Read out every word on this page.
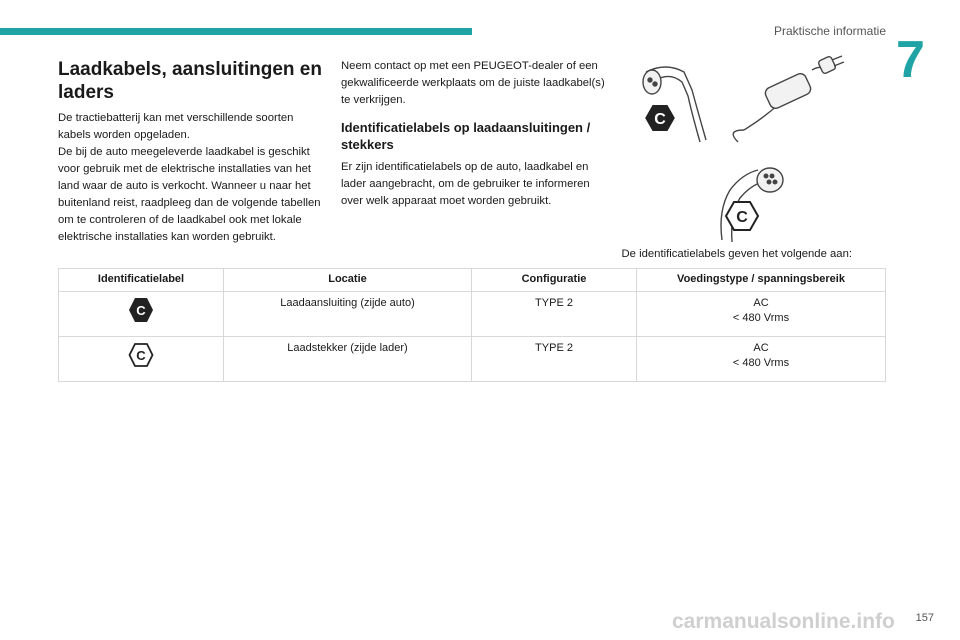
Praktische informatie 7
Laadkabels, aansluitingen en laders

De tractiebatterij kan met verschillende soorten kabels worden opgeladen.

De bij de auto meegeleverde laadkabel is geschikt voor gebruik met de elektrische installaties van het land waar de auto is verkocht. Wanneer u naar het buitenland reist, raadpleeg dan de volgende tabellen om te controleren of de laadkabel ook met lokale elektrische installaties kan worden gebruikt.

Neem contact op met een PEUGEOT-dealer of een gekwalificeerde werkplaats om de juiste laadkabel(s) te verkrijgen.

Identificatielabels op laadaansluitingen / stekkers

Er zijn identificatielabels op de auto, laadkabel en lader aangebracht, om de gebruiker te informeren over welk apparaat moet worden gebruikt.

C
C
De identificatielabels geven het volgende aan:
Identificatielabel	Locatie	Configuratie	Voedingstype / spanningsbereik

C	Laadaansluiting (zijde auto)	TYPE 2	AC
< 480 Vrms

C	Laadstekker (zijde lader)	TYPE 2	AC
< 480 Vrms
carmanualsonline.info 157
